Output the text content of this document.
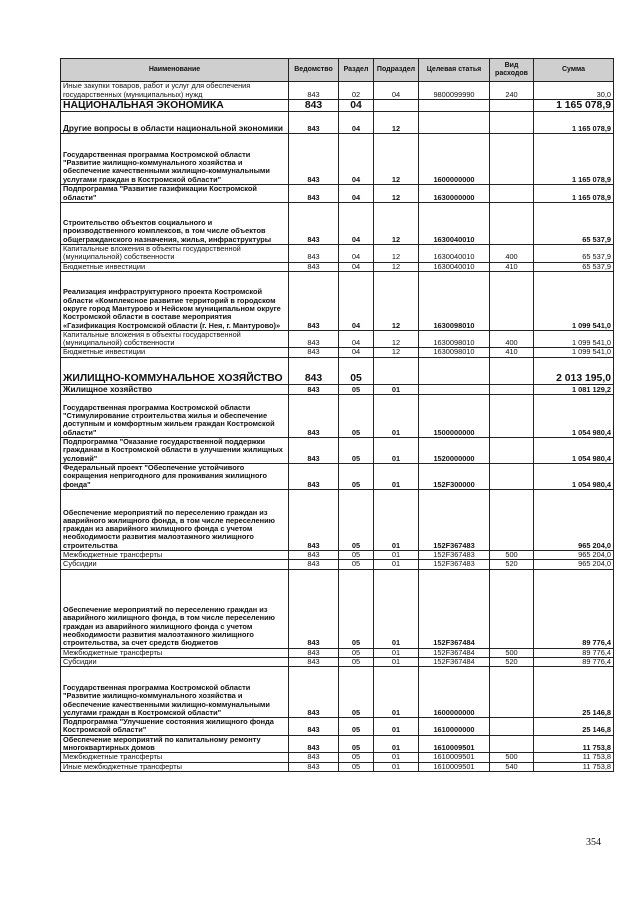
Наименование	Ведомство	Раздел	Подраздел	Целевая статья	Вид расходов	Сумма
Иные закупки товаров, работ и услуг для обеспечения государственных (муниципальных) нужд	843	02	04	9800099990	240	30,0
НАЦИОНАЛЬНАЯ ЭКОНОМИКА	843	04				1 165 078,9
Другие вопросы в области национальной экономики	843	04	12			1 165 078,9
Государственная программа Костромской области "Развитие жилищно-коммунального хозяйства и обеспечение качественными жилищно-коммунальными услугами граждан в Костромской области"	843	04	12	1600000000		1 165 078,9
Подпрограмма "Развитие газификации Костромской области"	843	04	12	1630000000		1 165 078,9
Строительство объектов социального и производственного комплексов, в том числе объектов общегражданского назначения, жилья, инфраструктуры	843	04	12	1630040010		65 537,9
Капитальные вложения в объекты государственной (муниципальной) собственности	843	04	12	1630040010	400	65 537,9
Бюджетные инвестиции	843	04	12	1630040010	410	65 537,9
Реализация инфраструктурного проекта Костромской области «Комплексное развитие территорий в городском округе город Мантурово и Нейском муниципальном округе Костромской области в составе мероприятия «Газификация Костромской области (г. Нея, г. Мантурово)»	843	04	12	1630098010		1 099 541,0
Капитальные вложения в объекты государственной (муниципальной) собственности	843	04	12	1630098010	400	1 099 541,0
Бюджетные инвестиции	843	04	12	1630098010	410	1 099 541,0
ЖИЛИЩНО-КОММУНАЛЬНОЕ ХОЗЯЙСТВО	843	05				2 013 195,0
Жилищное хозяйство	843	05	01			1 081 129,2
Государственная программа Костромской области "Стимулирование строительства жилья и обеспечение доступным и комфортным жильем граждан Костромской области"	843	05	01	1500000000		1 054 980,4
Подпрограмма "Оказание государственной поддержки гражданам в Костромской области в улучшении жилищных условий"	843	05	01	1520000000		1 054 980,4
Федеральный проект "Обеспечение устойчивого сокращения непригодного для проживания жилищного фонда"	843	05	01	152F300000		1 054 980,4
Обеспечение мероприятий по переселению граждан из аварийного жилищного фонда, в том числе переселению граждан из аварийного жилищного фонда с учетом необходимости развития малоэтажного жилищного строительства	843	05	01	152F367483		965 204,0
Межбюджетные трансферты	843	05	01	152F367483	500	965 204,0
Субсидии	843	05	01	152F367483	520	965 204,0
Обеспечение мероприятий по переселению граждан из аварийного жилищного фонда, в том числе переселению граждан из аварийного жилищного фонда с учетом необходимости развития малоэтажного жилищного строительства, за счет средств бюджетов	843	05	01	152F367484		89 776,4
Межбюджетные трансферты	843	05	01	152F367484	500	89 776,4
Субсидии	843	05	01	152F367484	520	89 776,4
Государственная программа Костромской области "Развитие жилищно-коммунального хозяйства и обеспечение качественными жилищно-коммунальными услугами граждан в Костромской области"	843	05	01	1600000000		25 146,8
Подпрограмма "Улучшение состояния жилищного фонда Костромской области"	843	05	01	1610000000		25 146,8
Обеспечение мероприятий по капитальному ремонту многоквартирных домов	843	05	01	1610009501		11 753,8
Межбюджетные трансферты	843	05	01	1610009501	500	11 753,8
Иные межбюджетные трансферты	843	05	01	1610009501	540	11 753,8
354
